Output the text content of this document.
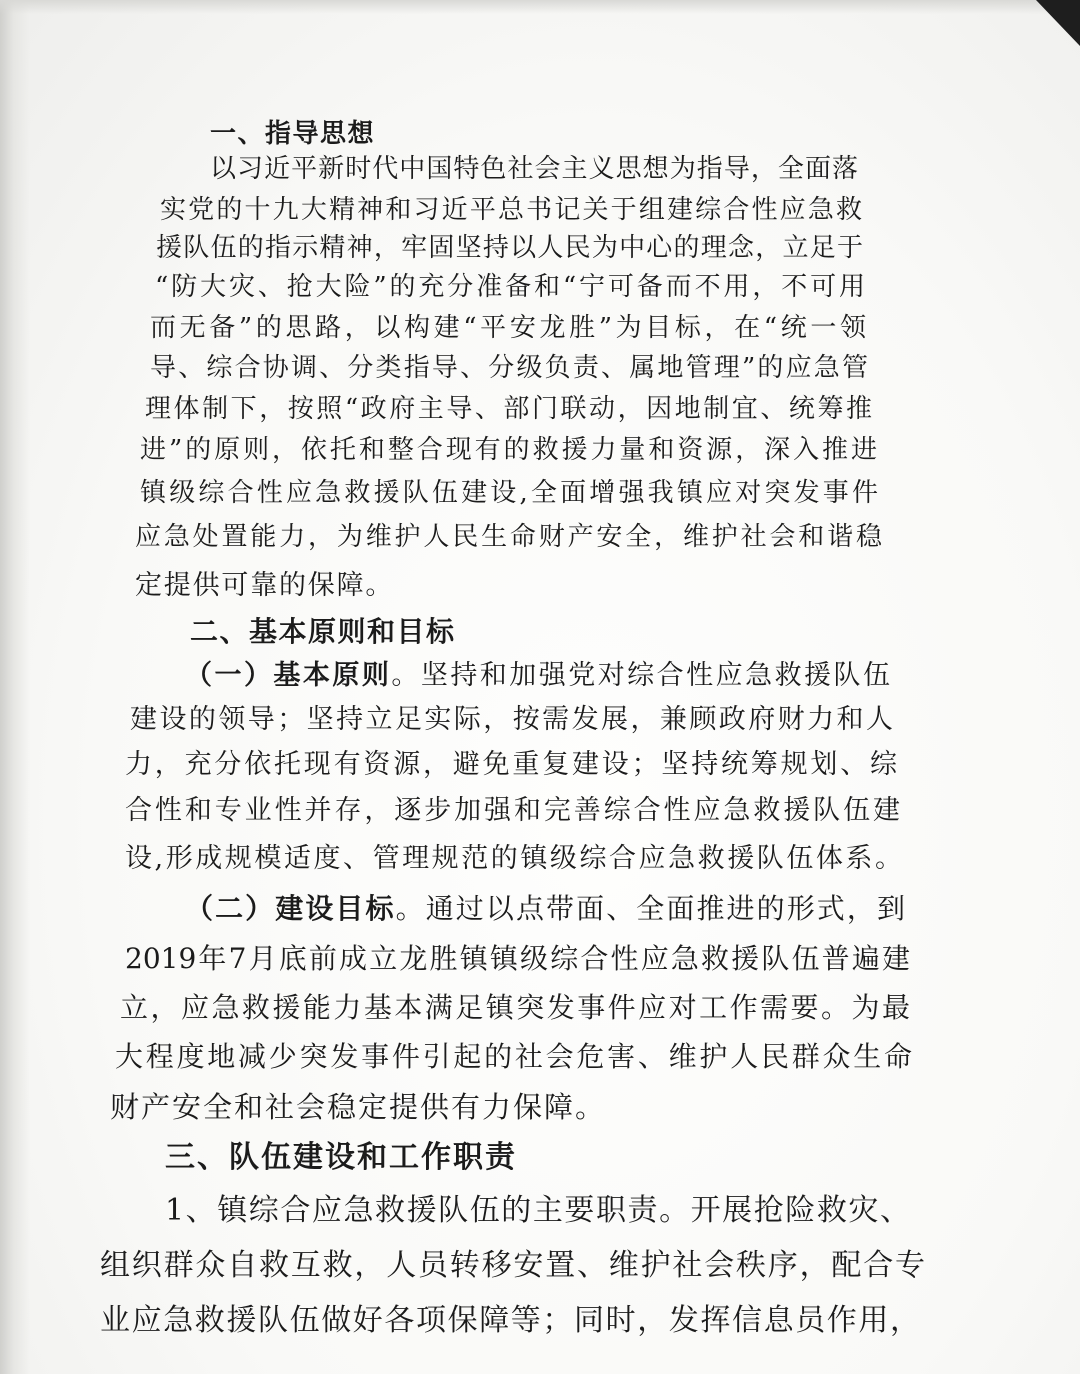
一、指导思想
以习近平新时代中国特色社会主义思想为指导，全面落
实党的十九大精神和习近平总书记关于组建综合性应急救
援队伍的指示精神，牢固坚持以人民为中心的理念，立足于
“防大灾、抢大险”的充分准备和“宁可备而不用，不可用
而无备”的思路，以构建“平安龙胜”为目标，在“统一领
导、综合协调、分类指导、分级负责、属地管理”的应急管
理体制下，按照“政府主导、部门联动，因地制宜、统筹推
进”的原则，依托和整合现有的救援力量和资源，深入推进
镇级综合性应急救援队伍建设,全面增强我镇应对突发事件
应急处置能力，为维护人民生命财产安全，维护社会和谐稳
定提供可靠的保障。
二、基本原则和目标
（一）基本原则。坚持和加强党对综合性应急救援队伍
建设的领导；坚持立足实际，按需发展，兼顾政府财力和人
力，充分依托现有资源，避免重复建设；坚持统筹规划、综
合性和专业性并存，逐步加强和完善综合性应急救援队伍建
设,形成规模适度、管理规范的镇级综合应急救援队伍体系。
（二）建设目标。通过以点带面、全面推进的形式，到
2019年7月底前成立龙胜镇镇级综合性应急救援队伍普遍建
立，应急救援能力基本满足镇突发事件应对工作需要。为最
大程度地减少突发事件引起的社会危害、维护人民群众生命
财产安全和社会稳定提供有力保障。
三、队伍建设和工作职责
1、镇综合应急救援队伍的主要职责。开展抢险救灾、
组织群众自救互救，人员转移安置、维护社会秩序，配合专
业应急救援队伍做好各项保障等；同时，发挥信息员作用，
